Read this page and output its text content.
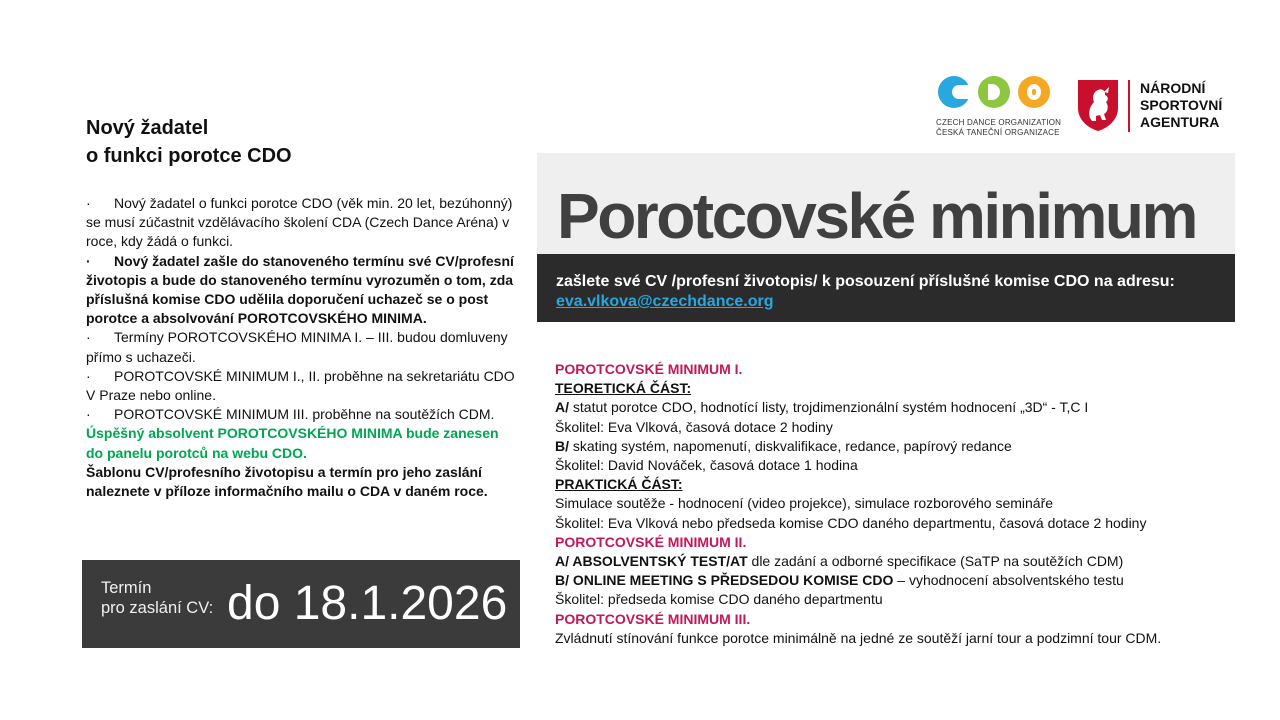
CZECH DANCE ORGANIZATION
ČESKÁ TANEČNÍ ORGANIZACE
NÁRODNÍ
SPORTOVNÍ
AGENTURA
Nový žadatel
o funkci porotce CDO

· Nový žadatel o funkci porotce CDO (věk min. 20 let, bezúhonný) se musí zúčastnit vzdělávacího školení CDA (Czech Dance Aréna) v roce, kdy žádá o funkci.

· Nový žadatel zašle do stanoveného termínu své CV/profesní životopis a bude do stanoveného termínu vyrozuměn o tom, zda příslušná komise CDO udělila doporučení uchazeč se o post porotce a absolvování POROTCOVSKÉHO MINIMA.

· Termíny POROTCOVSKÉHO MINIMA I. – III. budou domluveny přímo s uchazeči.

· POROTCOVSKÉ MINIMUM I., II. proběhne na sekretariátu CDO V Praze nebo online.

· POROTCOVSKÉ MINIMUM III. proběhne na soutěžích CDM.

Úspěšný absolvent POROTCOVSKÉHO MINIMA bude zanesen do panelu porotců na webu CDO.

Šablonu CV/profesního životopisu a termín pro jeho zaslání naleznete v příloze informačního mailu o CDA v daném roce.

Termín
pro zaslání CV: do 18.1.2026
Porotcovské minimum
zašlete své CV /profesní životopis/ k posouzení příslušné komise CDO na adresu:
eva.vlkova@czechdance.org

POROTCOVSKÉ MINIMUM I.

TEORETICKÁ ČÁST:

A/ statut porotce CDO, hodnotící listy, trojdimenzionální systém hodnocení „3D“ - T,C I

Školitel: Eva Vlková, časová dotace 2 hodiny

B/ skating systém, napomenutí, diskvalifikace, redance, papírový redance

Školitel: David Nováček, časová dotace 1 hodina

PRAKTICKÁ ČÁST:

Simulace soutěže - hodnocení (video projekce), simulace rozborového semináře

Školitel: Eva Vlková nebo předseda komise CDO daného departmentu, časová dotace 2 hodiny

POROTCOVSKÉ MINIMUM II.

A/ ABSOLVENTSKÝ TEST/AT dle zadání a odborné specifikace (SaTP na soutěžích CDM)

B/ ONLINE MEETING S PŘEDSEDOU KOMISE CDO – vyhodnocení absolventského testu

Školitel: předseda komise CDO daného departmentu

POROTCOVSKÉ MINIMUM III.

Zvládnutí stínování funkce porotce minimálně na jedné ze soutěží jarní tour a podzimní tour CDM.
